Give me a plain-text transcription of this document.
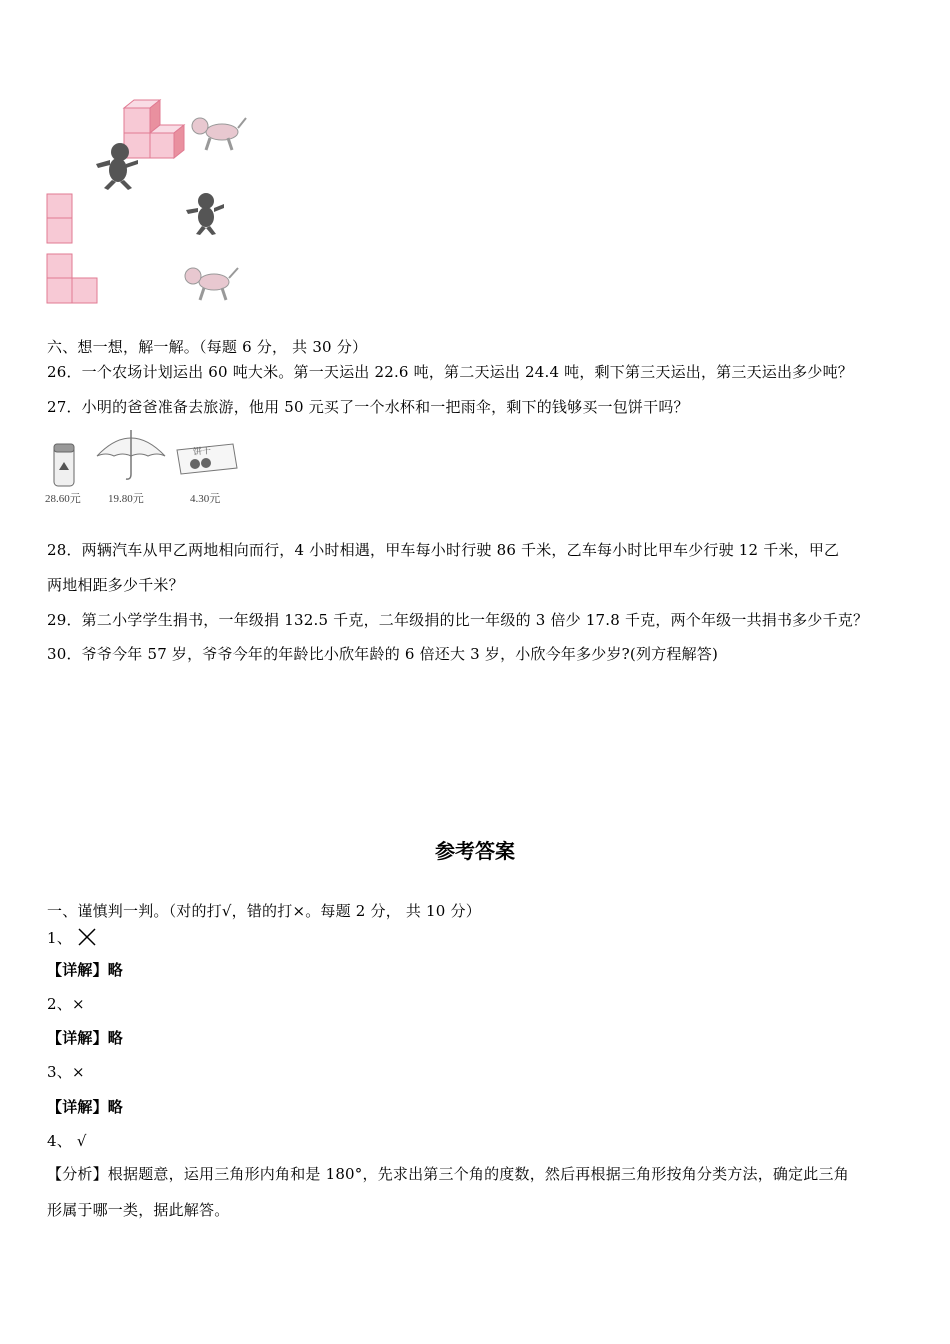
六、想一想，解一解。（每题 6 分， 共 30 分）
26．一个农场计划运出 60 吨大米。第一天运出 22.6 吨，第二天运出 24.4 吨，剩下第三天运出，第三天运出多少吨？
27．小明的爸爸准备去旅游，他用 50 元买了一个水杯和一把雨伞，剩下的钱够买一包饼干吗？
28.60元 19.80元
饼干
4.30元
28．两辆汽车从甲乙两地相向而行，4 小时相遇，甲车每小时行驶 86 千米，乙车每小时比甲车少行驶 12 千米，甲乙
两地相距多少千米？
29．第二小学学生捐书，一年级捐 132.5 千克，二年级捐的比一年级的 3 倍少 17.8 千克，两个年级一共捐书多少千克？
30．爷爷今年 57 岁，爷爷今年的年龄比小欣年龄的 6 倍还大 3 岁，小欣今年多少岁?(列方程解答)
参考答案
一、谨慎判一判。（对的打√，错的打×。每题 2 分， 共 10 分）
1、
【详解】略
2、×
【详解】略
3、×
【详解】略
4、 √
【分析】根据题意，运用三角形内角和是 180°，先求出第三个角的度数，然后再根据三角形按角分类方法，确定此三角
形属于哪一类，据此解答。
